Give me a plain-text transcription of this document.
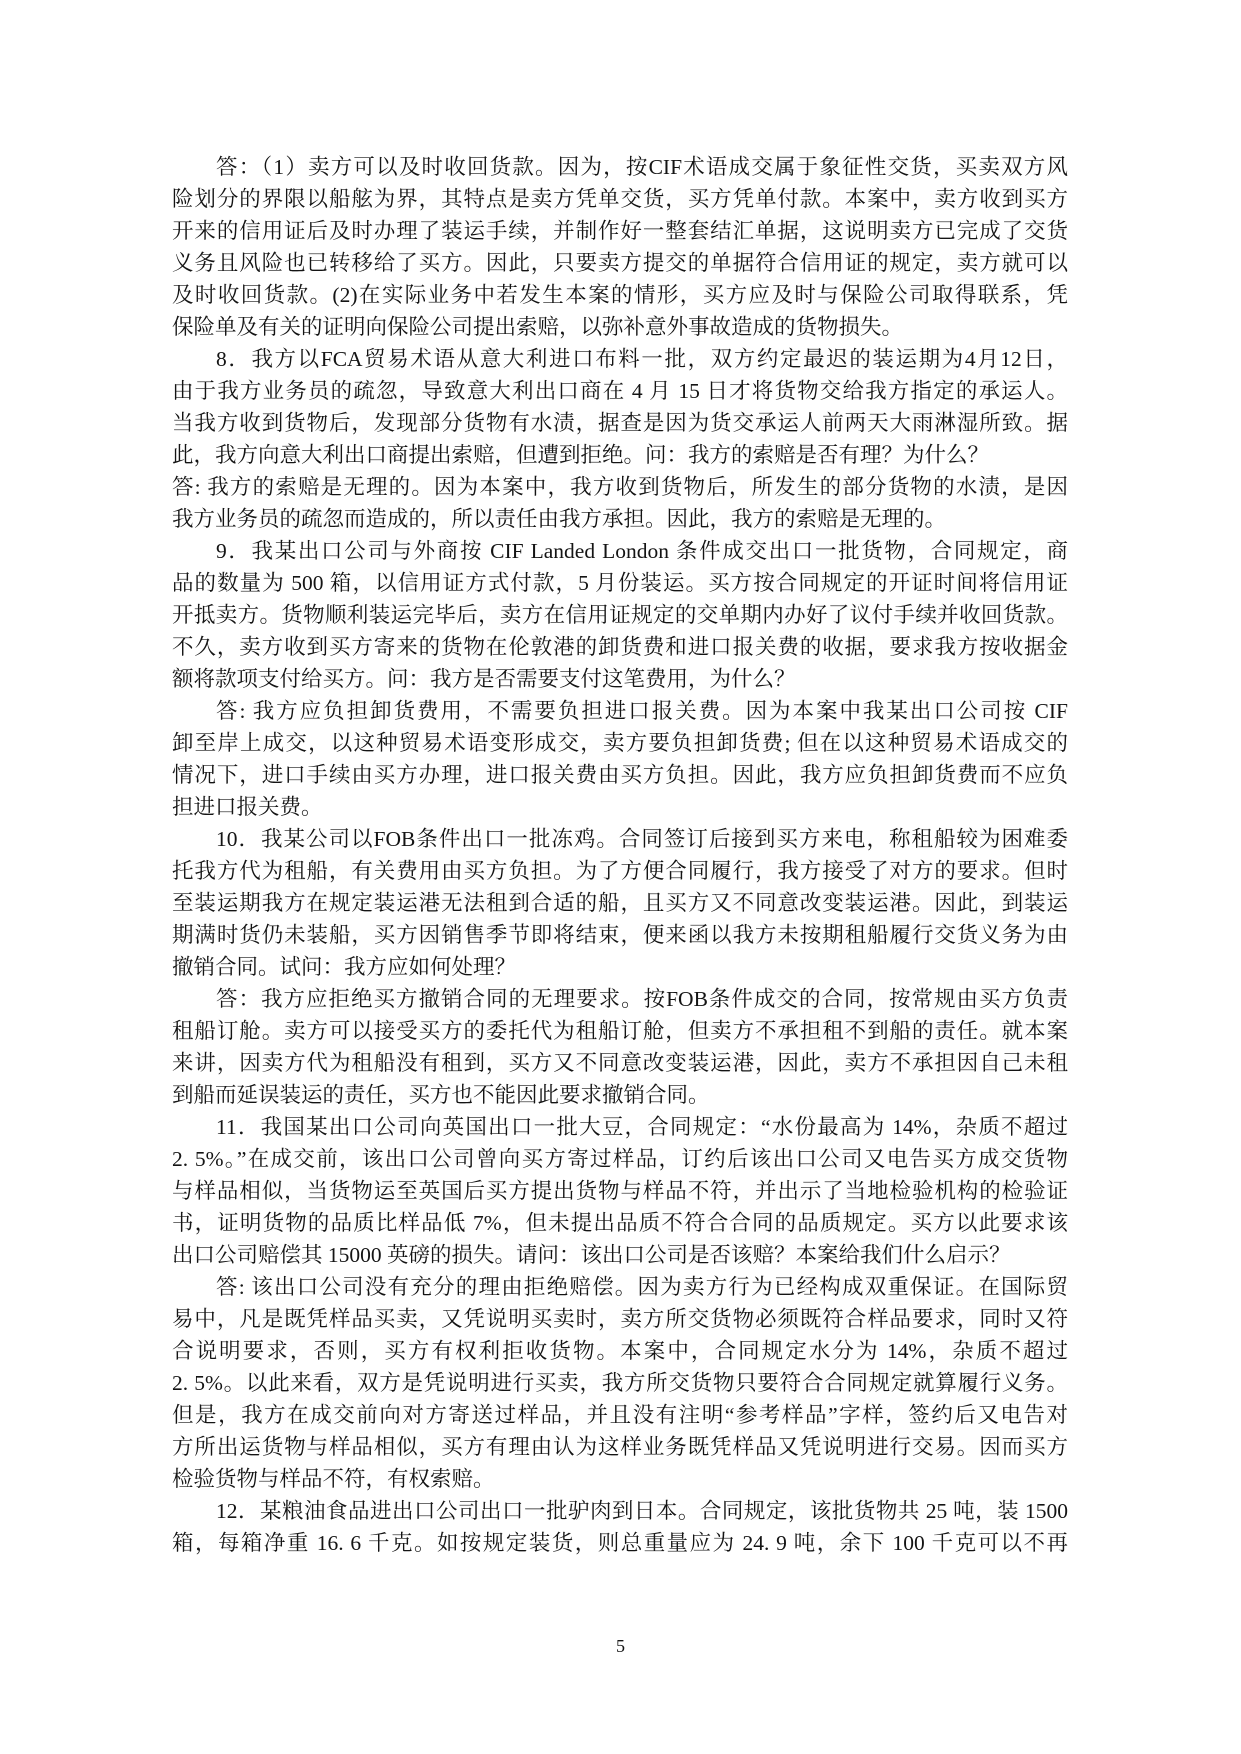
答：（1）卖方可以及时收回货款。因为，按CIF术语成交属于象征性交货，买卖双方风
险划分的界限以船舷为界，其特点是卖方凭单交货，买方凭单付款。本案中，卖方收到买方
开来的信用证后及时办理了装运手续，并制作好一整套结汇单据，这说明卖方已完成了交货
义务且风险也已转移给了买方。因此，只要卖方提交的单据符合信用证的规定，卖方就可以
及时收回货款。(2)在实际业务中若发生本案的情形，买方应及时与保险公司取得联系，凭
保险单及有关的证明向保险公司提出索赔，以弥补意外事故造成的货物损失。
8．我方以FCA贸易术语从意大利进口布料一批，双方约定最迟的装运期为4月12日，
由于我方业务员的疏忽，导致意大利出口商在 4 月 15 日才将货物交给我方指定的承运人。
当我方收到货物后，发现部分货物有水渍，据查是因为货交承运人前两天大雨淋湿所致。据
此，我方向意大利出口商提出索赔，但遭到拒绝。问：我方的索赔是否有理？为什么？
答: 我方的索赔是无理的。因为本案中，我方收到货物后，所发生的部分货物的水渍，是因
我方业务员的疏忽而造成的，所以责任由我方承担。因此，我方的索赔是无理的。
9．我某出口公司与外商按 CIF Landed London 条件成交出口一批货物，合同规定，商
品的数量为 500 箱，以信用证方式付款，5 月份装运。买方按合同规定的开证时间将信用证
开抵卖方。货物顺利装运完毕后，卖方在信用证规定的交单期内办好了议付手续并收回货款。
不久，卖方收到买方寄来的货物在伦敦港的卸货费和进口报关费的收据，要求我方按收据金
额将款项支付给买方。问：我方是否需要支付这笔费用，为什么？
答: 我方应负担卸货费用，不需要负担进口报关费。因为本案中我某出口公司按 CIF
卸至岸上成交，以这种贸易术语变形成交，卖方要负担卸货费; 但在以这种贸易术语成交的
情况下，进口手续由买方办理，进口报关费由买方负担。因此，我方应负担卸货费而不应负
担进口报关费。
10．我某公司以FOB条件出口一批冻鸡。合同签订后接到买方来电，称租船较为困难委
托我方代为租船，有关费用由买方负担。为了方便合同履行，我方接受了对方的要求。但时
至装运期我方在规定装运港无法租到合适的船，且买方又不同意改变装运港。因此，到装运
期满时货仍未装船，买方因销售季节即将结束，便来函以我方未按期租船履行交货义务为由
撤销合同。试问：我方应如何处理？
答：我方应拒绝买方撤销合同的无理要求。按FOB条件成交的合同，按常规由买方负责
租船订舱。卖方可以接受买方的委托代为租船订舱，但卖方不承担租不到船的责任。就本案
来讲，因卖方代为租船没有租到，买方又不同意改变装运港，因此，卖方不承担因自己未租
到船而延误装运的责任，买方也不能因此要求撤销合同。
11．我国某出口公司向英国出口一批大豆，合同规定：“水份最高为 14%，杂质不超过
2. 5%。”在成交前，该出口公司曾向买方寄过样品，订约后该出口公司又电告买方成交货物
与样品相似，当货物运至英国后买方提出货物与样品不符，并出示了当地检验机构的检验证
书，证明货物的品质比样品低 7%，但未提出品质不符合合同的品质规定。买方以此要求该
出口公司赔偿其 15000 英磅的损失。请问：该出口公司是否该赔？本案给我们什么启示？
答: 该出口公司没有充分的理由拒绝赔偿。因为卖方行为已经构成双重保证。在国际贸
易中，凡是既凭样品买卖，又凭说明买卖时，卖方所交货物必须既符合样品要求，同时又符
合说明要求，否则，买方有权利拒收货物。本案中，合同规定水分为 14%，杂质不超过
2. 5%。以此来看，双方是凭说明进行买卖，我方所交货物只要符合合同规定就算履行义务。
但是，我方在成交前向对方寄送过样品，并且没有注明“参考样品”字样，签约后又电告对
方所出运货物与样品相似，买方有理由认为这样业务既凭样品又凭说明进行交易。因而买方
检验货物与样品不符，有权索赔。
12．某粮油食品进出口公司出口一批驴肉到日本。合同规定，该批货物共 25 吨，装 1500
箱，每箱净重 16. 6 千克。如按规定装货，则总重量应为 24. 9 吨，余下 100 千克可以不再
5
